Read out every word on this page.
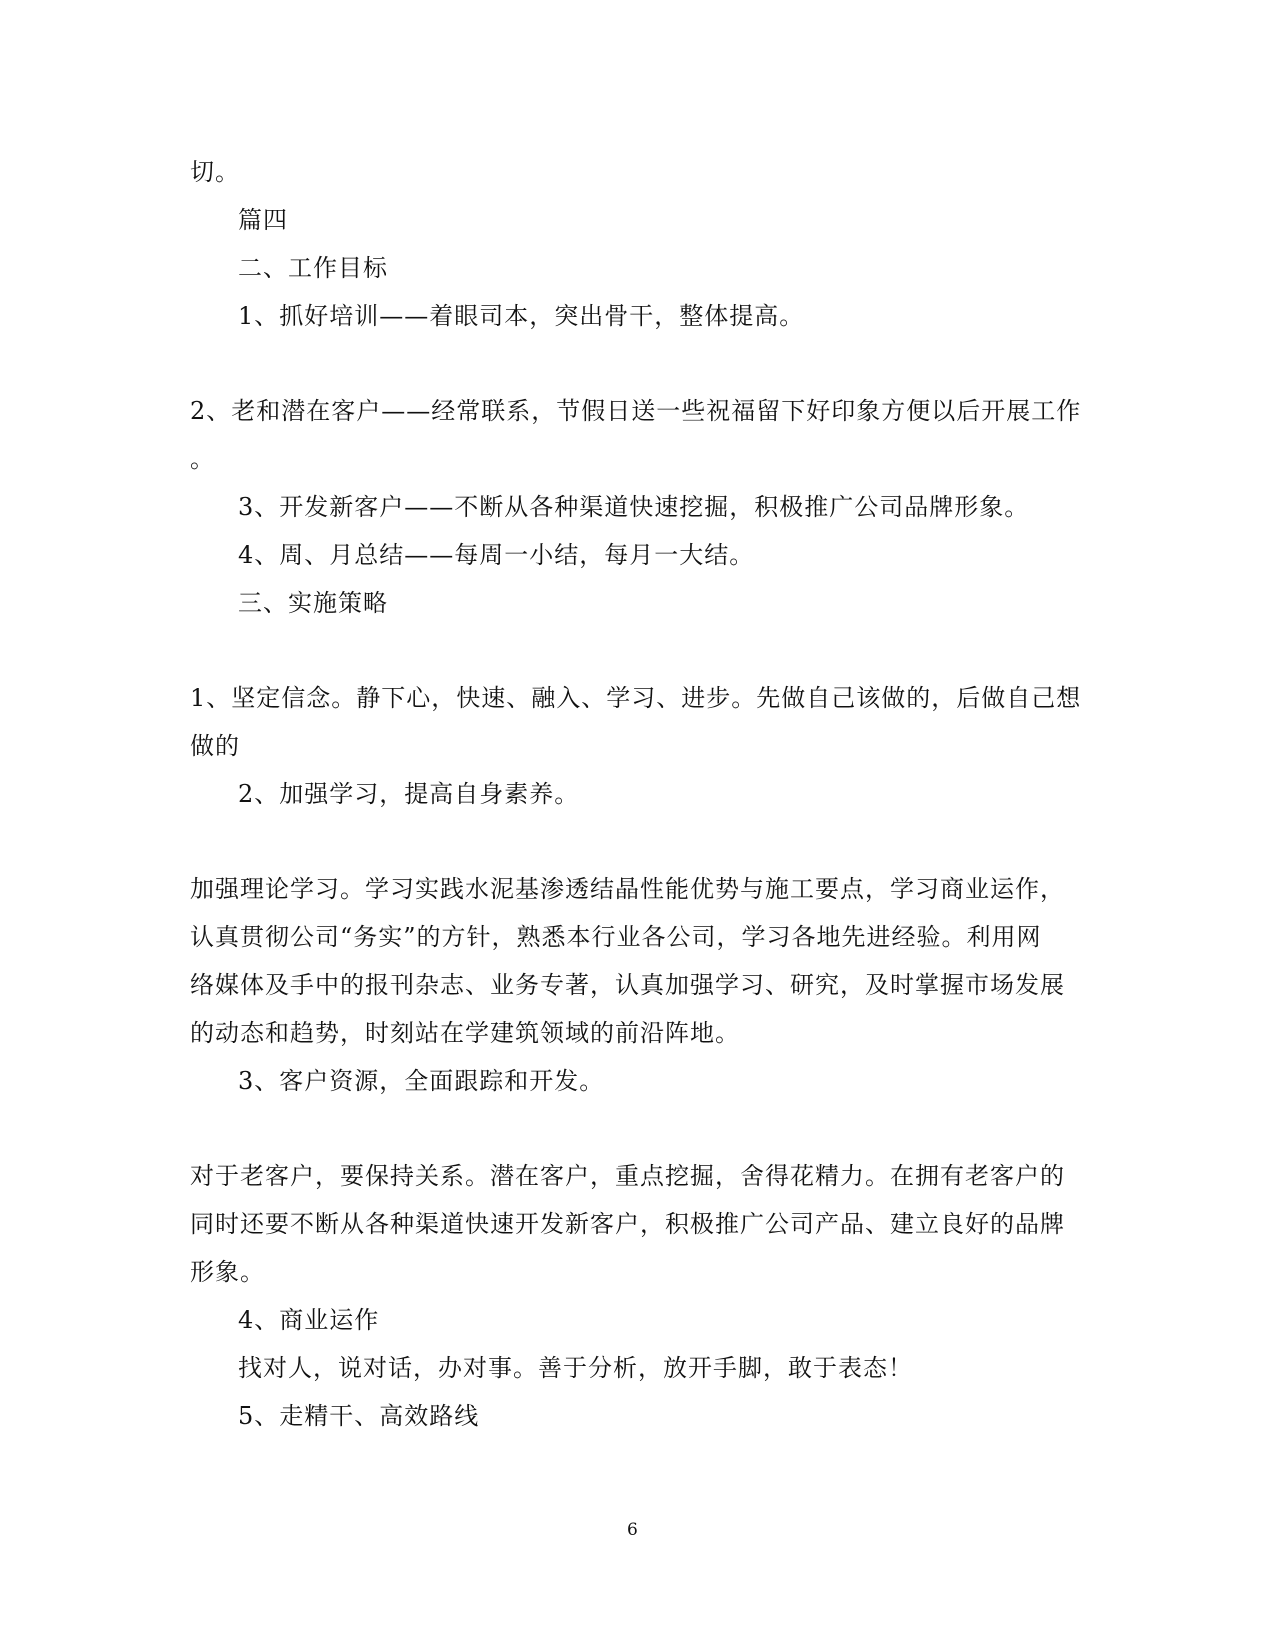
切。
篇四
二、工作目标
1、抓好培训——着眼司本，突出骨干，整体提高。
2、老和潜在客户——经常联系，节假日送一些祝福留下好印象方便以后开展工作
。
3、开发新客户——不断从各种渠道快速挖掘，积极推广公司品牌形象。
4、周、月总结——每周一小结，每月一大结。
三、实施策略
1、坚定信念。静下心，快速、融入、学习、进步。先做自己该做的，后做自己想
做的
2、加强学习，提高自身素养。
加强理论学习。学习实践水泥基渗透结晶性能优势与施工要点，学习商业运作，
认真贯彻公司“务实”的方针，熟悉本行业各公司，学习各地先进经验。利用网
络媒体及手中的报刊杂志、业务专著，认真加强学习、研究，及时掌握市场发展
的动态和趋势，时刻站在学建筑领域的前沿阵地。
3、客户资源，全面跟踪和开发。
对于老客户，要保持关系。潜在客户，重点挖掘，舍得花精力。在拥有老客户的
同时还要不断从各种渠道快速开发新客户，积极推广公司产品、建立良好的品牌
形象。
4、商业运作
找对人，说对话，办对事。善于分析，放开手脚，敢于表态！
5、走精干、高效路线
6
